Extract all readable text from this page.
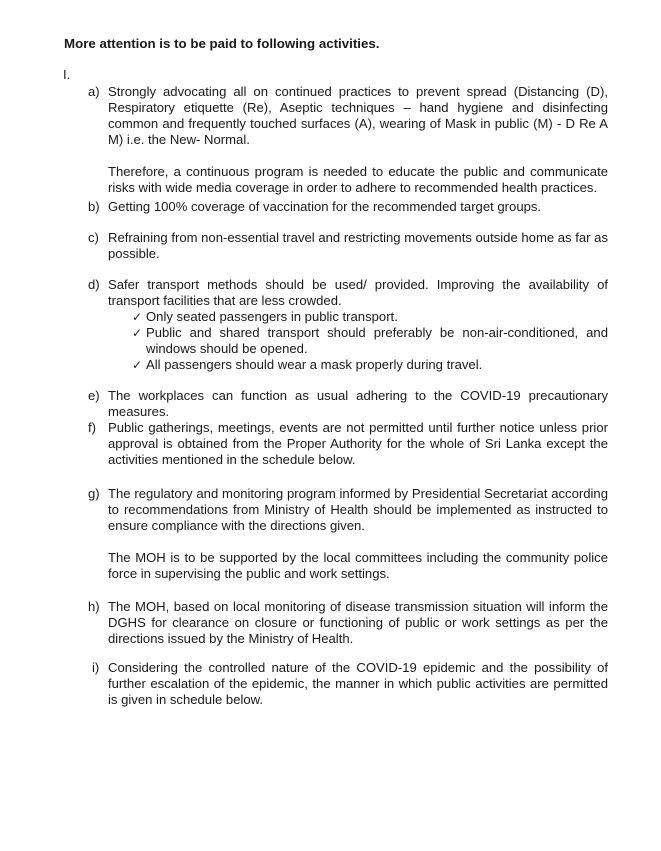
More attention is to be paid to following activities.
I.
a) Strongly advocating all on continued practices to prevent spread (Distancing (D), Respiratory etiquette (Re), Aseptic techniques – hand hygiene and disinfecting common and frequently touched surfaces (A), wearing of Mask in public (M) - D Re A M) i.e. the New- Normal.

Therefore, a continuous program is needed to educate the public and communicate risks with wide media coverage in order to adhere to recommended health practices.

b) Getting 100% coverage of vaccination for the recommended target groups.

c) Refraining from non-essential travel and restricting movements outside home as far as possible.

d) Safer transport methods should be used/ provided. Improving the availability of transport facilities that are less crowded.

✓ Only seated passengers in public transport.
✓ Public and shared transport should preferably be non-air-conditioned, and windows should be opened.
✓ All passengers should wear a mask properly during travel.
e) The workplaces can function as usual adhering to the COVID-19 precautionary measures.

f) Public gatherings, meetings, events are not permitted until further notice unless prior approval is obtained from the Proper Authority for the whole of Sri Lanka except the activities mentioned in the schedule below.

g) The regulatory and monitoring program informed by Presidential Secretariat according to recommendations from Ministry of Health should be implemented as instructed to ensure compliance with the directions given.

The MOH is to be supported by the local committees including the community police force in supervising the public and work settings.

h) The MOH, based on local monitoring of disease transmission situation will inform the DGHS for clearance on closure or functioning of public or work settings as per the directions issued by the Ministry of Health.

i) Considering the controlled nature of the COVID-19 epidemic and the possibility of further escalation of the epidemic, the manner in which public activities are permitted is given in schedule below.
